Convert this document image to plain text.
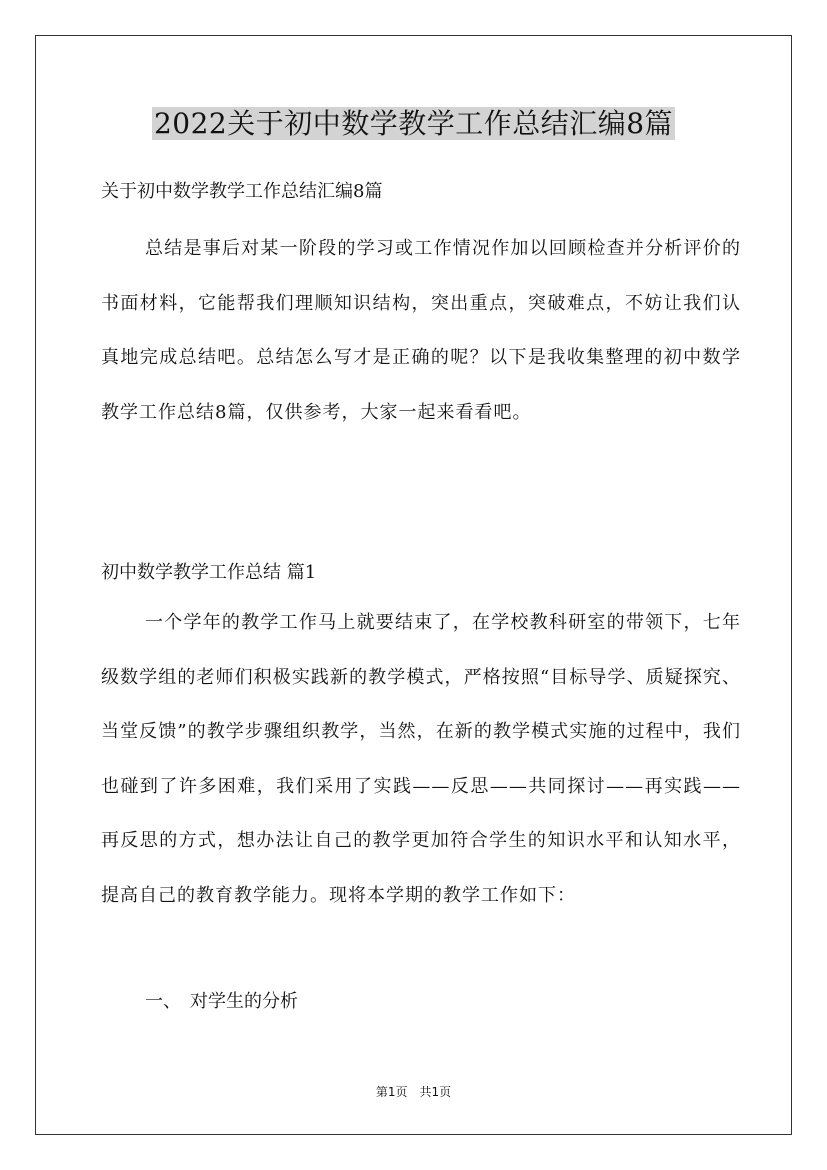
2022关于初中数学教学工作总结汇编8篇
关于初中数学教学工作总结汇编8篇
总结是事后对某一阶段的学习或工作情况作加以回顾检查并分析评价的书面材料，它能帮我们理顺知识结构，突出重点，突破难点，不妨让我们认真地完成总结吧。总结怎么写才是正确的呢？以下是我收集整理的初中数学教学工作总结8篇，仅供参考，大家一起来看看吧。
初中数学教学工作总结 篇1
一个学年的教学工作马上就要结束了，在学校教科研室的带领下，七年级数学组的老师们积极实践新的教学模式，严格按照“目标导学、质疑探究、当堂反馈”的教学步骤组织教学，当然，在新的教学模式实施的过程中，我们也碰到了许多困难，我们采用了实践——反思——共同探讨——再实践——再反思的方式，想办法让自己的教学更加符合学生的知识水平和认知水平，提高自己的教育教学能力。现将本学期的教学工作如下：
一、　对学生的分析
第1页　共1页
